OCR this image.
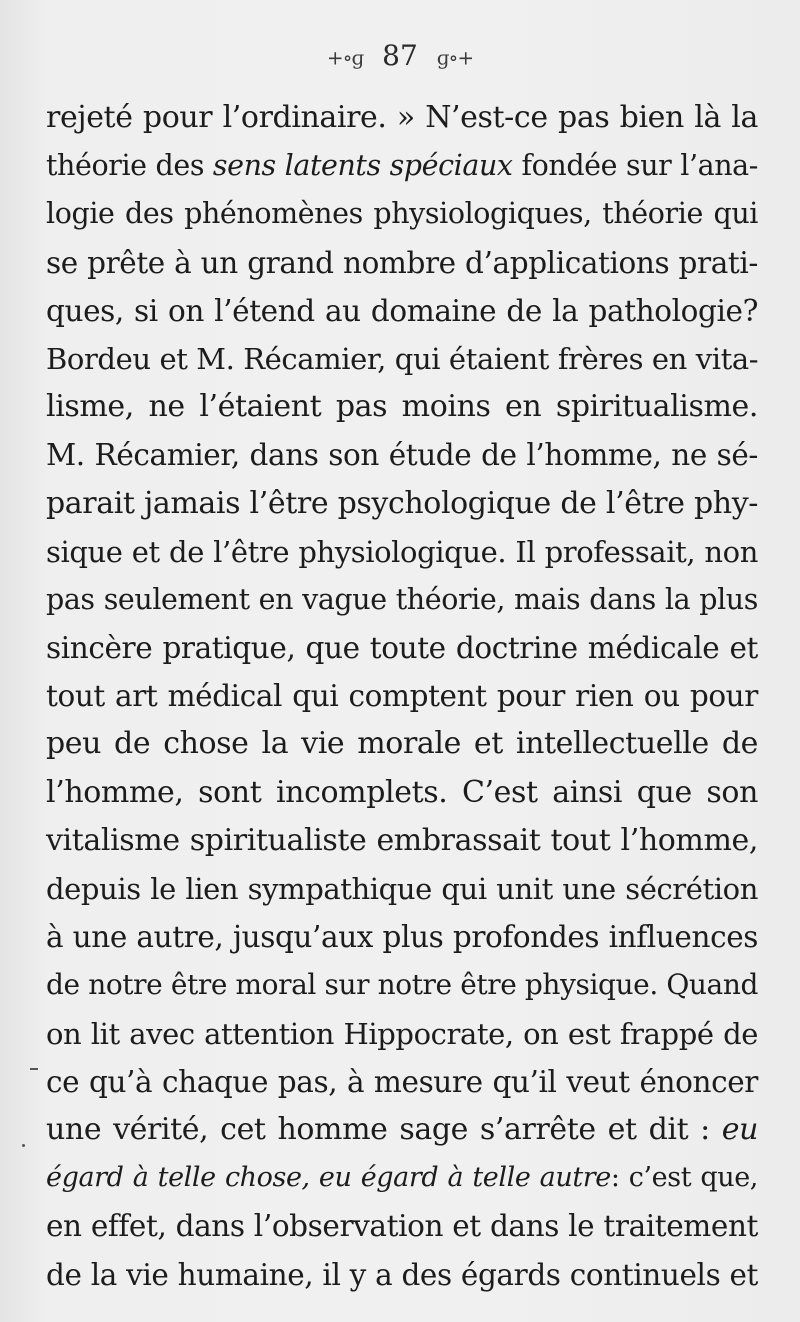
+∘ɡ 87 ɡ∘+
rejeté pour l’ordinaire. » N’est-ce pas bien là la
théorie des sens latents spéciaux fondée sur l’ana-
logie des phénomènes physiologiques, théorie qui
se prête à un grand nombre d’applications prati-
ques, si on l’étend au domaine de la pathologie?
Bordeu et M. Récamier, qui étaient frères en vita-
lisme, ne l’étaient pas moins en spiritualisme.
M. Récamier, dans son étude de l’homme, ne sé-
parait jamais l’être psychologique de l’être phy-
sique et de l’être physiologique. Il professait, non
pas seulement en vague théorie, mais dans la plus
sincère pratique, que toute doctrine médicale et
tout art médical qui comptent pour rien ou pour
peu de chose la vie morale et intellectuelle de
l’homme, sont incomplets. C’est ainsi que son
vitalisme spiritualiste embrassait tout l’homme,
depuis le lien sympathique qui unit une sécrétion
à une autre, jusqu’aux plus profondes influences
de notre être moral sur notre être physique. Quand
on lit avec attention Hippocrate, on est frappé de
ce qu’à chaque pas, à mesure qu’il veut énoncer
une vérité, cet homme sage s’arrête et dit : eu
égard à telle chose, eu égard à telle autre: c’est que,
en effet, dans l’observation et dans le traitement
de la vie humaine, il y a des égards continuels et
